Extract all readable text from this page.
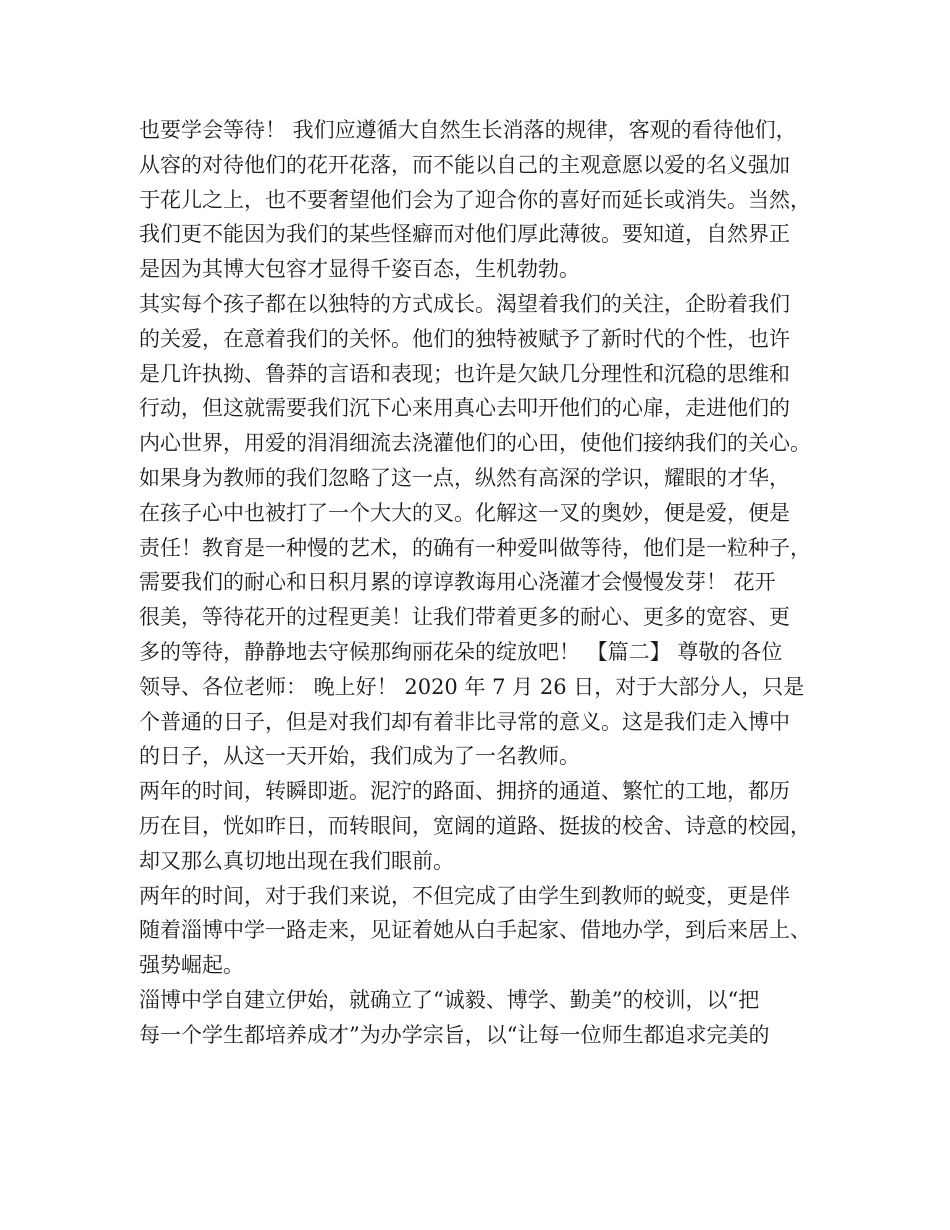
也要学会等待！ 我们应遵循大自然生长消落的规律，客观的看待他们，
从容的对待他们的花开花落，而不能以自己的主观意愿以爱的名义强加
于花儿之上，也不要奢望他们会为了迎合你的喜好而延长或消失。当然，
我们更不能因为我们的某些怪癖而对他们厚此薄彼。要知道，自然界正
是因为其博大包容才显得千姿百态，生机勃勃。
其实每个孩子都在以独特的方式成长。渴望着我们的关注，企盼着我们
的关爱，在意着我们的关怀。他们的独特被赋予了新时代的个性，也许
是几许执拗、鲁莽的言语和表现；也许是欠缺几分理性和沉稳的思维和
行动，但这就需要我们沉下心来用真心去叩开他们的心扉，走进他们的
内心世界，用爱的涓涓细流去浇灌他们的心田，使他们接纳我们的关心。
如果身为教师的我们忽略了这一点，纵然有高深的学识，耀眼的才华，
在孩子心中也被打了一个大大的叉。化解这一叉的奥妙，便是爱，便是
责任！教育是一种慢的艺术，的确有一种爱叫做等待，他们是一粒种子，
需要我们的耐心和日积月累的谆谆教诲用心浇灌才会慢慢发芽！ 花开
很美，等待花开的过程更美！让我们带着更多的耐心、更多的宽容、更
多的等待，静静地去守候那绚丽花朵的绽放吧！ 【篇二】 尊敬的各位
领导、各位老师： 晚上好！ 2020 年 7 月 26 日，对于大部分人，只是
个普通的日子，但是对我们却有着非比寻常的意义。这是我们走入博中
的日子，从这一天开始，我们成为了一名教师。
两年的时间，转瞬即逝。泥泞的路面、拥挤的通道、繁忙的工地，都历
历在目，恍如昨日，而转眼间，宽阔的道路、挺拔的校舍、诗意的校园，
却又那么真切地出现在我们眼前。
两年的时间，对于我们来说，不但完成了由学生到教师的蜕变，更是伴
随着淄博中学一路走来，见证着她从白手起家、借地办学，到后来居上、
强势崛起。
淄博中学自建立伊始，就确立了“诚毅、博学、勤美”的校训，以“把
每一个学生都培养成才”为办学宗旨，以“让每一位师生都追求完美的
